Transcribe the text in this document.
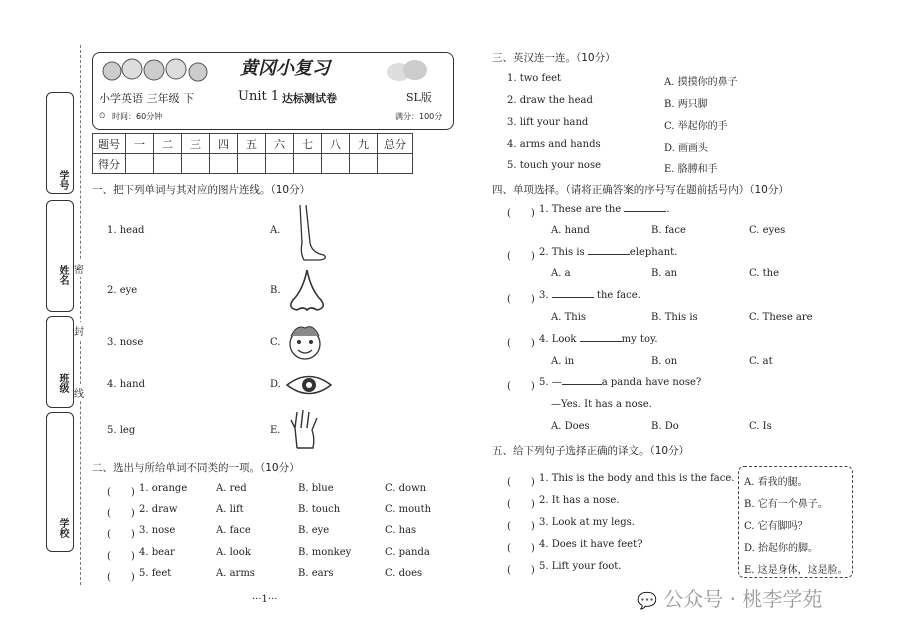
学号
姓名
班级
学校
密
封
线
黄冈小复习
小学英语 三年级 下	Unit 1 达标测试卷	SL版
⏲ 时间：60分钟	满分：100分
题号	一	二	三	四	五	六	七	八	九	总分
得分										
一、把下列单词与其对应的图片连线。（10分）
1. head
2. eye
3. nose
4. hand
5. leg
A.
B.
C.
D.
E.
二、选出与所给单词不同类的一项。（10分）
(　　) 1. orange	A. red	B. blue	C. down
(　　) 2. draw	A. lift	B. touch	C. mouth
(　　) 3. nose	A. face	B. eye	C. has
(　　) 4. bear	A. look	B. monkey	C. panda
(　　) 5. feet	A. arms	B. ears	C. does
三、英汉连一连。（10分）
1. two feet
2. draw the head
3. lift your hand
4. arms and hands
5. touch your nose
A. 摸摸你的鼻子
B. 两只脚
C. 举起你的手
D. 画画头
E. 胳膊和手
四、单项选择。（请将正确答案的序号写在题前括号内）（10分）
(　　) 1. These are the	.
A. hand	B. face	C. eyes
(　　) 2. This is	elephant.
A. a	B. an	C. the
(　　) 3.	the face.
A. This	B. This is	C. These are
(　　) 4. Look	my toy.
A. in	B. on	C. at
(　　) 5. —	a panda have nose?
—Yes. It has a nose.
A. Does	B. Do	C. Is
五、给下列句子选择正确的译文。（10分）
(　　) 1. This is the body and this is the face.
(　　) 2. It has a nose.
(　　) 3. Look at my legs.
(　　) 4. Does it have feet?
(　　) 5. Lift your foot.
A. 看我的腿。
B. 它有一个鼻子。
C. 它有脚吗？
D. 抬起你的脚。
E. 这是身体，这是脸。
···1···	💬 公众号 · 桃李学苑
